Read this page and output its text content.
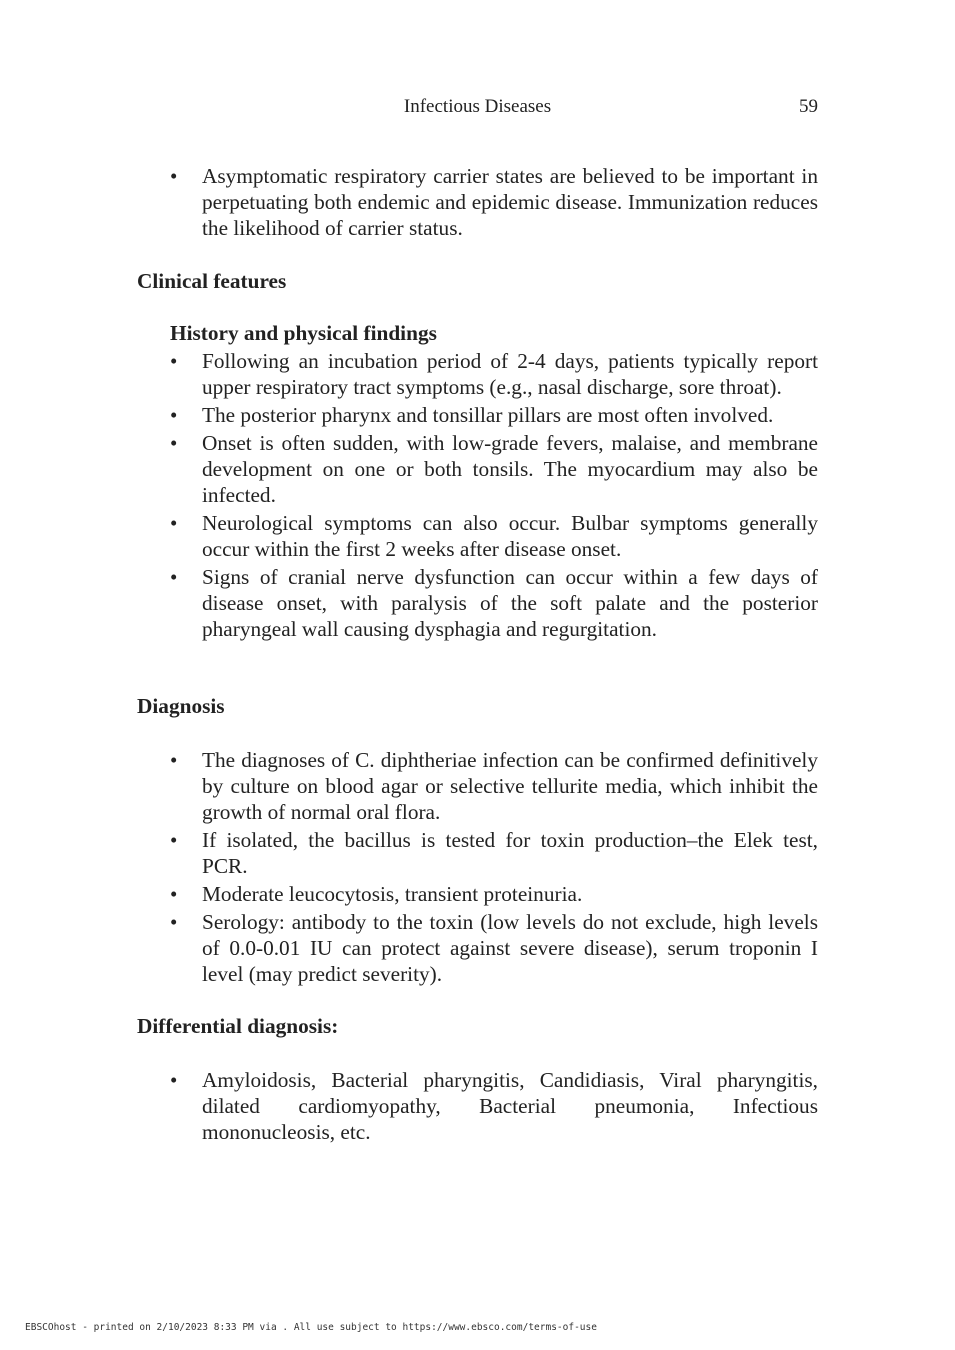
Infectious Diseases	59
• Asymptomatic respiratory carrier states are believed to be important in perpetuating both endemic and epidemic disease. Immunization reduces the likelihood of carrier status.
Clinical features
History and physical findings
• Following an incubation period of 2-4 days, patients typically report upper respiratory tract symptoms (e.g., nasal discharge, sore throat).
• The posterior pharynx and tonsillar pillars are most often involved.
• Onset is often sudden, with low-grade fevers, malaise, and membrane development on one or both tonsils. The myocardium may also be infected.
• Neurological symptoms can also occur. Bulbar symptoms generally occur within the first 2 weeks after disease onset.
• Signs of cranial nerve dysfunction can occur within a few days of disease onset, with paralysis of the soft palate and the posterior pharyngeal wall causing dysphagia and regurgitation.
Diagnosis
• The diagnoses of C. diphtheriae infection can be confirmed definitively by culture on blood agar or selective tellurite media, which inhibit the growth of normal oral flora.
• If isolated, the bacillus is tested for toxin production–the Elek test, PCR.
• Moderate leucocytosis, transient proteinuria.
• Serology: antibody to the toxin (low levels do not exclude, high levels of 0.0-0.01 IU can protect against severe disease), serum troponin I level (may predict severity).
Differential diagnosis:
• Amyloidosis, Bacterial pharyngitis, Candidiasis, Viral pharyngitis, dilated cardiomyopathy, Bacterial pneumonia, Infectious mononucleosis, etc.
EBSCOhost - printed on 2/10/2023 8:33 PM via . All use subject to https://www.ebsco.com/terms-of-use
